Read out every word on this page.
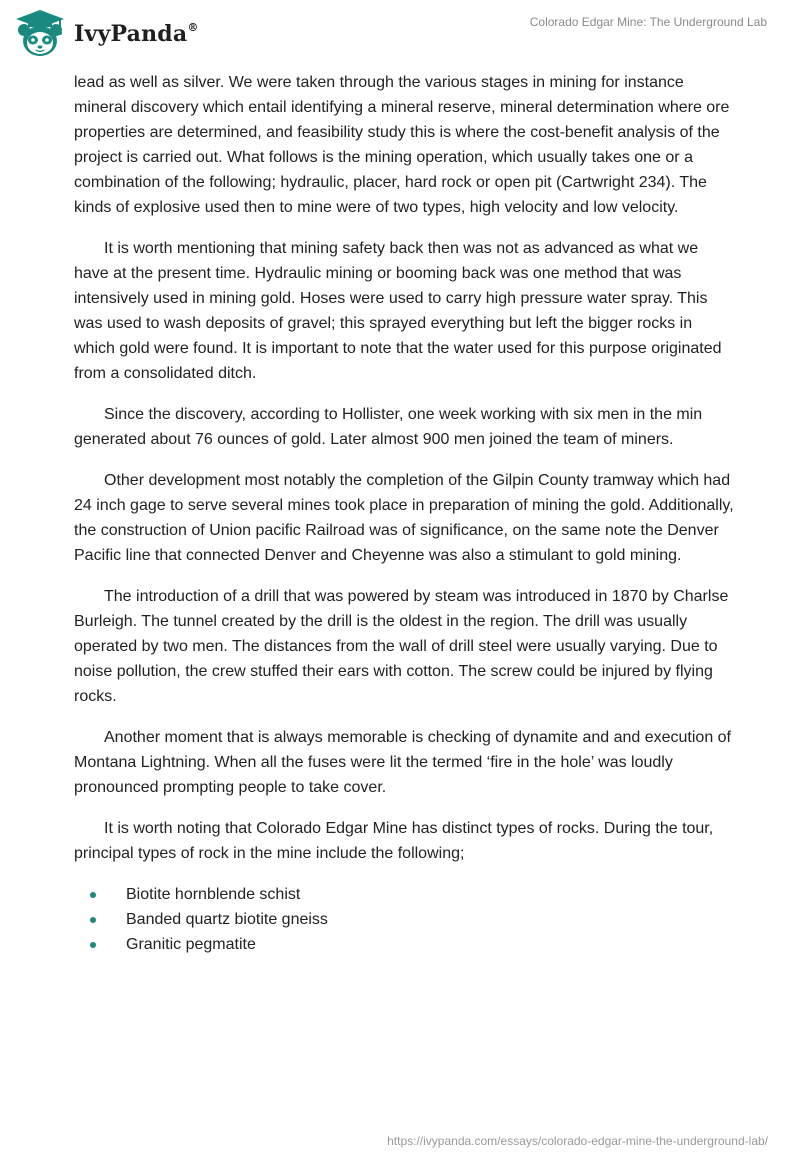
IvyPanda®	Colorado Edgar Mine: The Underground Lab

lead as well as silver. We were taken through the various stages in mining for instance mineral discovery which entail identifying a mineral reserve, mineral determination where ore properties are determined, and feasibility study this is where the cost-benefit analysis of the project is carried out. What follows is the mining operation, which usually takes one or a combination of the following; hydraulic, placer, hard rock or open pit (Cartwright 234). The kinds of explosive used then to mine were of two types, high velocity and low velocity.

It is worth mentioning that mining safety back then was not as advanced as what we have at the present time. Hydraulic mining or booming back was one method that was intensively used in mining gold. Hoses were used to carry high pressure water spray. This was used to wash deposits of gravel; this sprayed everything but left the bigger rocks in which gold were found. It is important to note that the water used for this purpose originated from a consolidated ditch.

Since the discovery, according to Hollister, one week working with six men in the min generated about 76 ounces of gold. Later almost 900 men joined the team of miners.

Other development most notably the completion of the Gilpin County tramway which had 24 inch gage to serve several mines took place in preparation of mining the gold. Additionally, the construction of Union pacific Railroad was of significance, on the same note the Denver Pacific line that connected Denver and Cheyenne was also a stimulant to gold mining.

The introduction of a drill that was powered by steam was introduced in 1870 by Charlse Burleigh. The tunnel created by the drill is the oldest in the region. The drill was usually operated by two men. The distances from the wall of drill steel were usually varying. Due to noise pollution, the crew stuffed their ears with cotton. The screw could be injured by flying rocks.

Another moment that is always memorable is checking of dynamite and and execution of Montana Lightning. When all the fuses were lit the termed ‘fire in the hole’ was loudly pronounced prompting people to take cover.

It is worth noting that Colorado Edgar Mine has distinct types of rocks. During the tour, principal types of rock in the mine include the following;

Biotite hornblende schist
Banded quartz biotite gneiss
Granitic pegmatite
https://ivypanda.com/essays/colorado-edgar-mine-the-underground-lab/
